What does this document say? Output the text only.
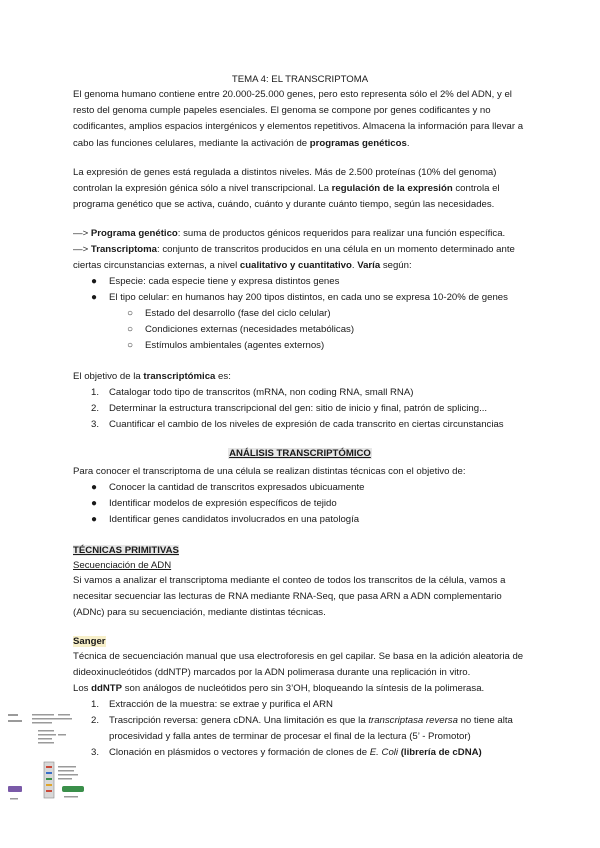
TEMA 4: EL TRANSCRIPTOMA

El genoma humano contiene entre 20.000-25.000 genes, pero esto representa sólo el 2% del ADN, y el resto del genoma cumple papeles esenciales. El genoma se compone por genes codificantes y no codificantes, amplios espacios intergénicos y elementos repetitivos. Almacena la información para llevar a cabo las funciones celulares, mediante la activación de programas genéticos.

La expresión de genes está regulada a distintos niveles. Más de 2.500 proteínas (10% del genoma) controlan la expresión génica sólo a nivel transcripcional. La regulación de la expresión controla el programa genético que se activa, cuándo, cuánto y durante cuánto tiempo, según las necesidades.

—> Programa genético: suma de productos génicos requeridos para realizar una función específica.
—> Transcriptoma: conjunto de transcritos producidos en una célula en un momento determinado ante ciertas circunstancias externas, a nivel cualitativo y cuantitativo. Varía según:
● Especie: cada especie tiene y expresa distintos genes
● El tipo celular: en humanos hay 200 tipos distintos, en cada uno se expresa 10-20% de genes
○ Estado del desarrollo (fase del ciclo celular)
○ Condiciones externas (necesidades metabólicas)
○ Estímulos ambientales (agentes externos)
El objetivo de la transcriptómica es:
1. Catalogar todo tipo de transcritos (mRNA, non coding RNA, small RNA)
2. Determinar la estructura transcripcional del gen: sitio de inicio y final, patrón de splicing...
3. Cuantificar el cambio de los niveles de expresión de cada transcrito en ciertas circunstancias
ANÁLISIS TRANSCRIPTÓMICO
Para conocer el transcriptoma de una célula se realizan distintas técnicas con el objetivo de:
● Conocer la cantidad de transcritos expresados ubicuamente
● Identificar modelos de expresión específicos de tejido
● Identificar genes candidatos involucrados en una patología
TÉCNICAS PRIMITIVAS
Secuenciación de ADN

Si vamos a analizar el transcriptoma mediante el conteo de todos los transcritos de la célula, vamos a necesitar secuenciar las lecturas de RNA mediante RNA-Seq, que pasa ARN a ADN complementario (ADNc) para su secuenciación, mediante distintas técnicas.

Sanger

Técnica de secuenciación manual que usa electroforesis en gel capilar. Se basa en la adición aleatoria de dideoxinucleótidos (ddNTP) marcados por la ADN polimerasa durante una replicación in vitro.

Los ddNTP son análogos de nucleótidos pero sin 3’OH, bloqueando la síntesis de la polimerasa.
1. Extracción de la muestra: se extrae y purifica el ARN
2. Trascripción reversa: genera cDNA. Una limitación es que la transcriptasa reversa no tiene alta procesividad y falla antes de terminar de procesar el final de la lectura (5’ - Promotor)
3. Clonación en plásmidos o vectores y formación de clones de E. Coli (librería de cDNA)
